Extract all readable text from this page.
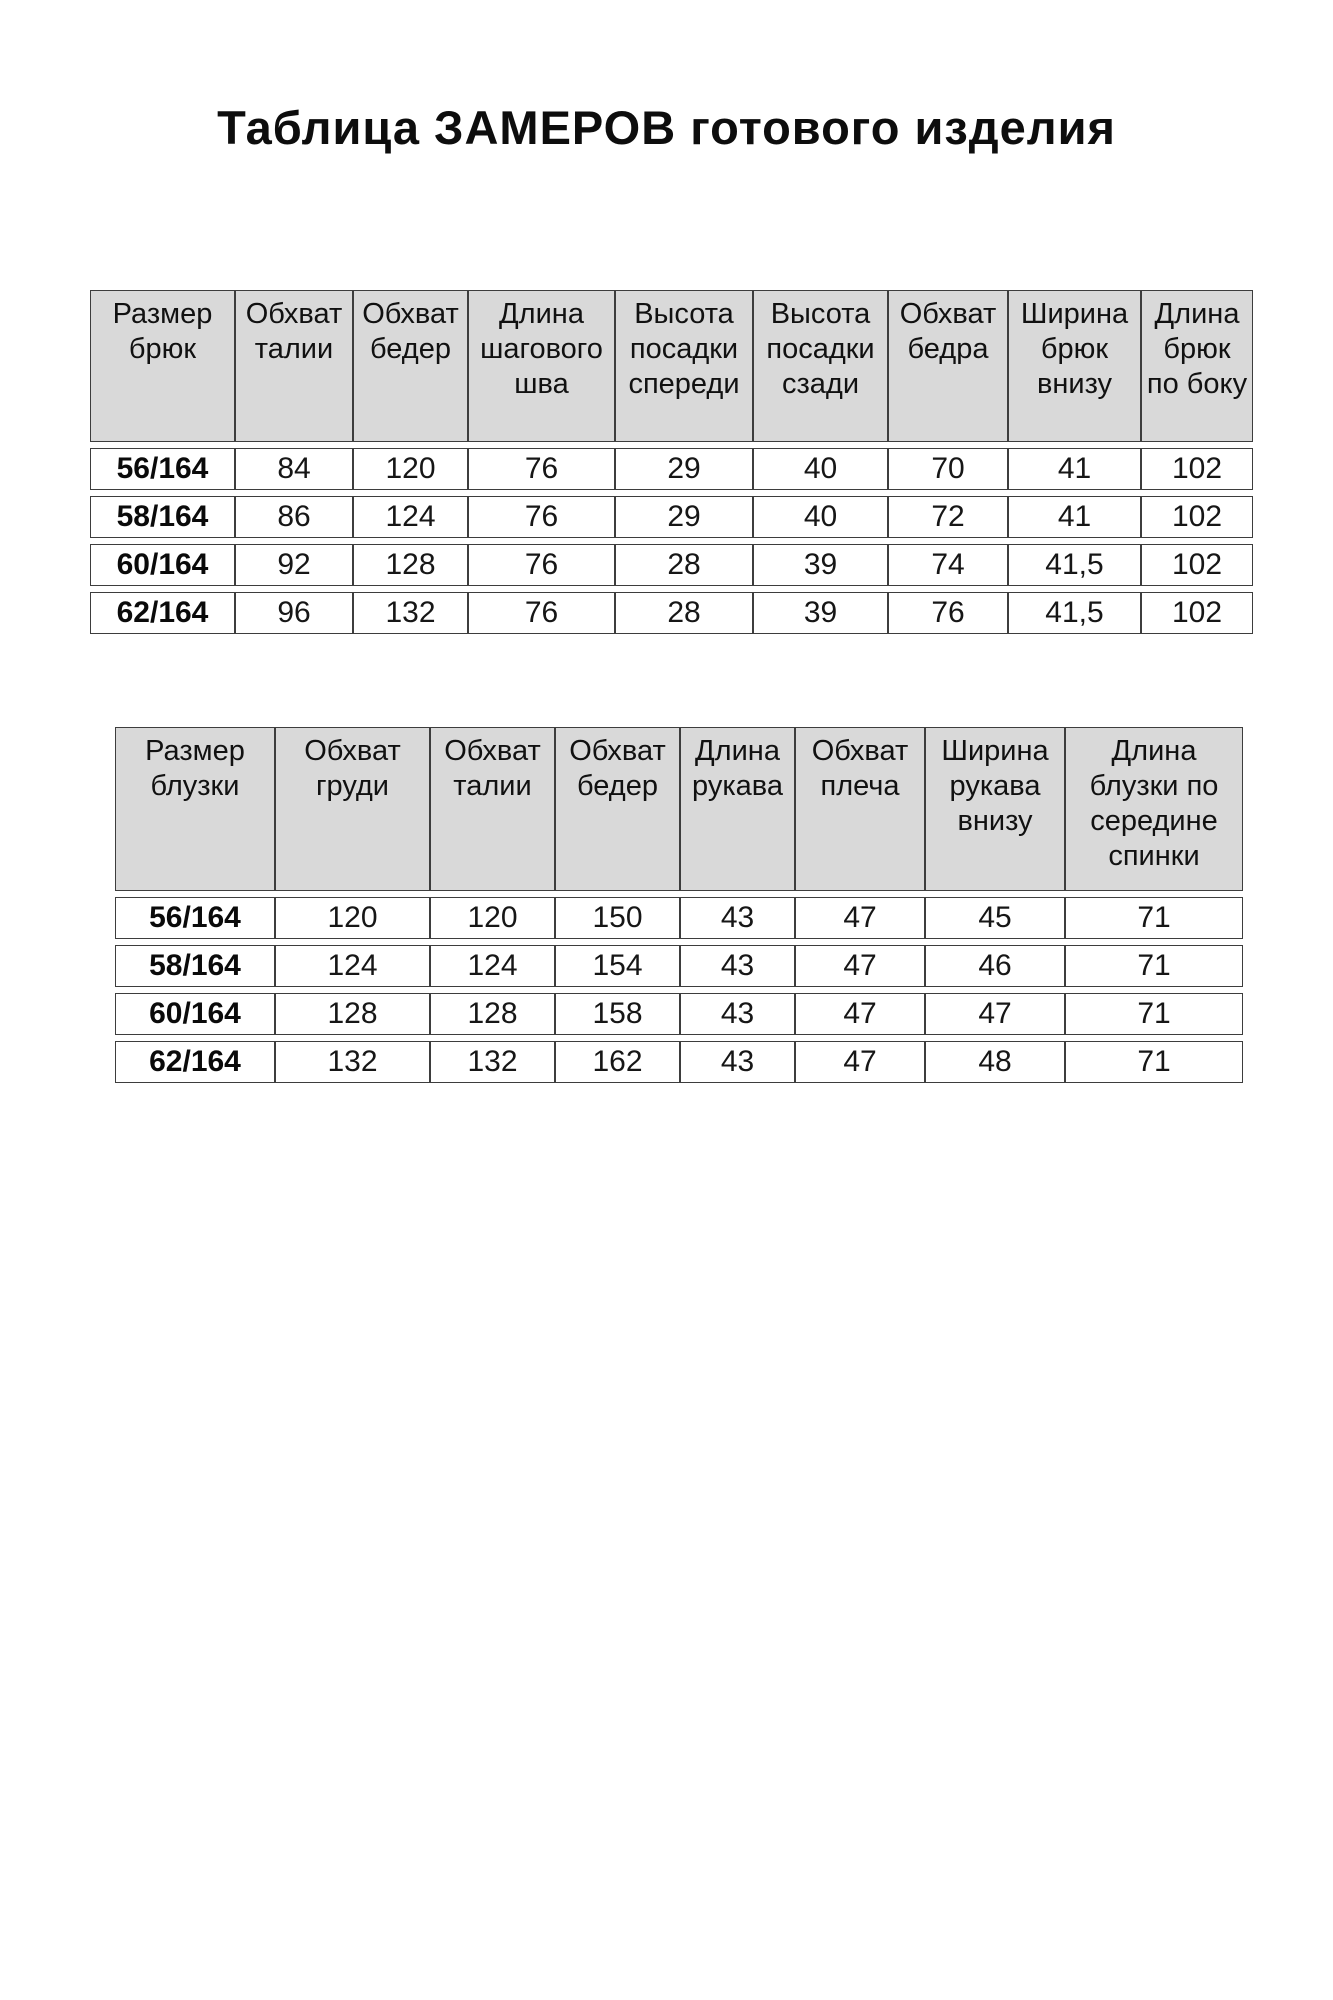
Таблица ЗАМЕРОВ готового изделия
Размер брюк	Обхват талии	Обхват бедер	Длина шагового шва	Высота посадки спереди	Высота посадки сзади	Обхват бедра	Ширина брюк внизу	Длина брюк по боку
56/164	84	120	76	29	40	70	41	102
58/164	86	124	76	29	40	72	41	102
60/164	92	128	76	28	39	74	41,5	102
62/164	96	132	76	28	39	76	41,5	102
Размер блузки	Обхват груди	Обхват талии	Обхват бедер	Длина рукава	Обхват плеча	Ширина рукава внизу	Длина блузки по середине спинки
56/164	120	120	150	43	47	45	71
58/164	124	124	154	43	47	46	71
60/164	128	128	158	43	47	47	71
62/164	132	132	162	43	47	48	71
